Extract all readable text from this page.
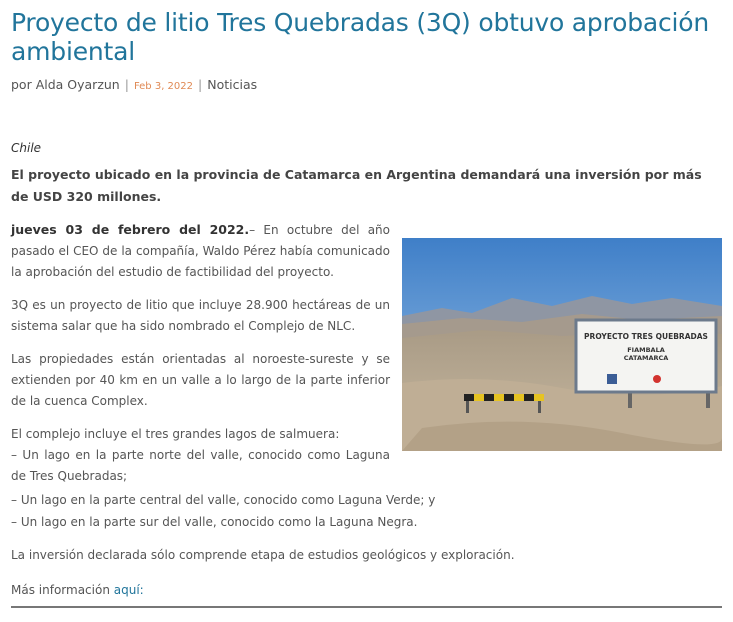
Proyecto de litio Tres Quebradas (3Q) obtuvo aprobación ambiental
por Alda Oyarzun | Feb 3, 2022 | Noticias
Chile
El proyecto ubicado en la provincia de Catamarca en Argentina demandará una inversión por más de USD 320 millones.

jueves 03 de febrero del 2022.– En octubre del año pasado el CEO de la compañía, Waldo Pérez había comunicado la aprobación del estudio de factibilidad del proyecto.

3Q es un proyecto de litio que incluye 28.900 hectáreas de un sistema salar que ha sido nombrado el Complejo de NLC.

Las propiedades están orientadas al noroeste-sureste y se extienden por 40 km en un valle a lo largo de la parte inferior de la cuenca Complex.

El complejo incluye el tres grandes lagos de salmuera:
– Un lago en la parte norte del valle, conocido como Laguna de Tres Quebradas;

– Un lago en la parte central del valle, conocido como Laguna Verde; y
– Un lago en la parte sur del valle, conocido como la Laguna Negra.
La inversión declarada sólo comprende etapa de estudios geológicos y exploración.
Más información aquí:
PROYECTO TRES QUEBRADAS
FIAMBALA
CATAMARCA
